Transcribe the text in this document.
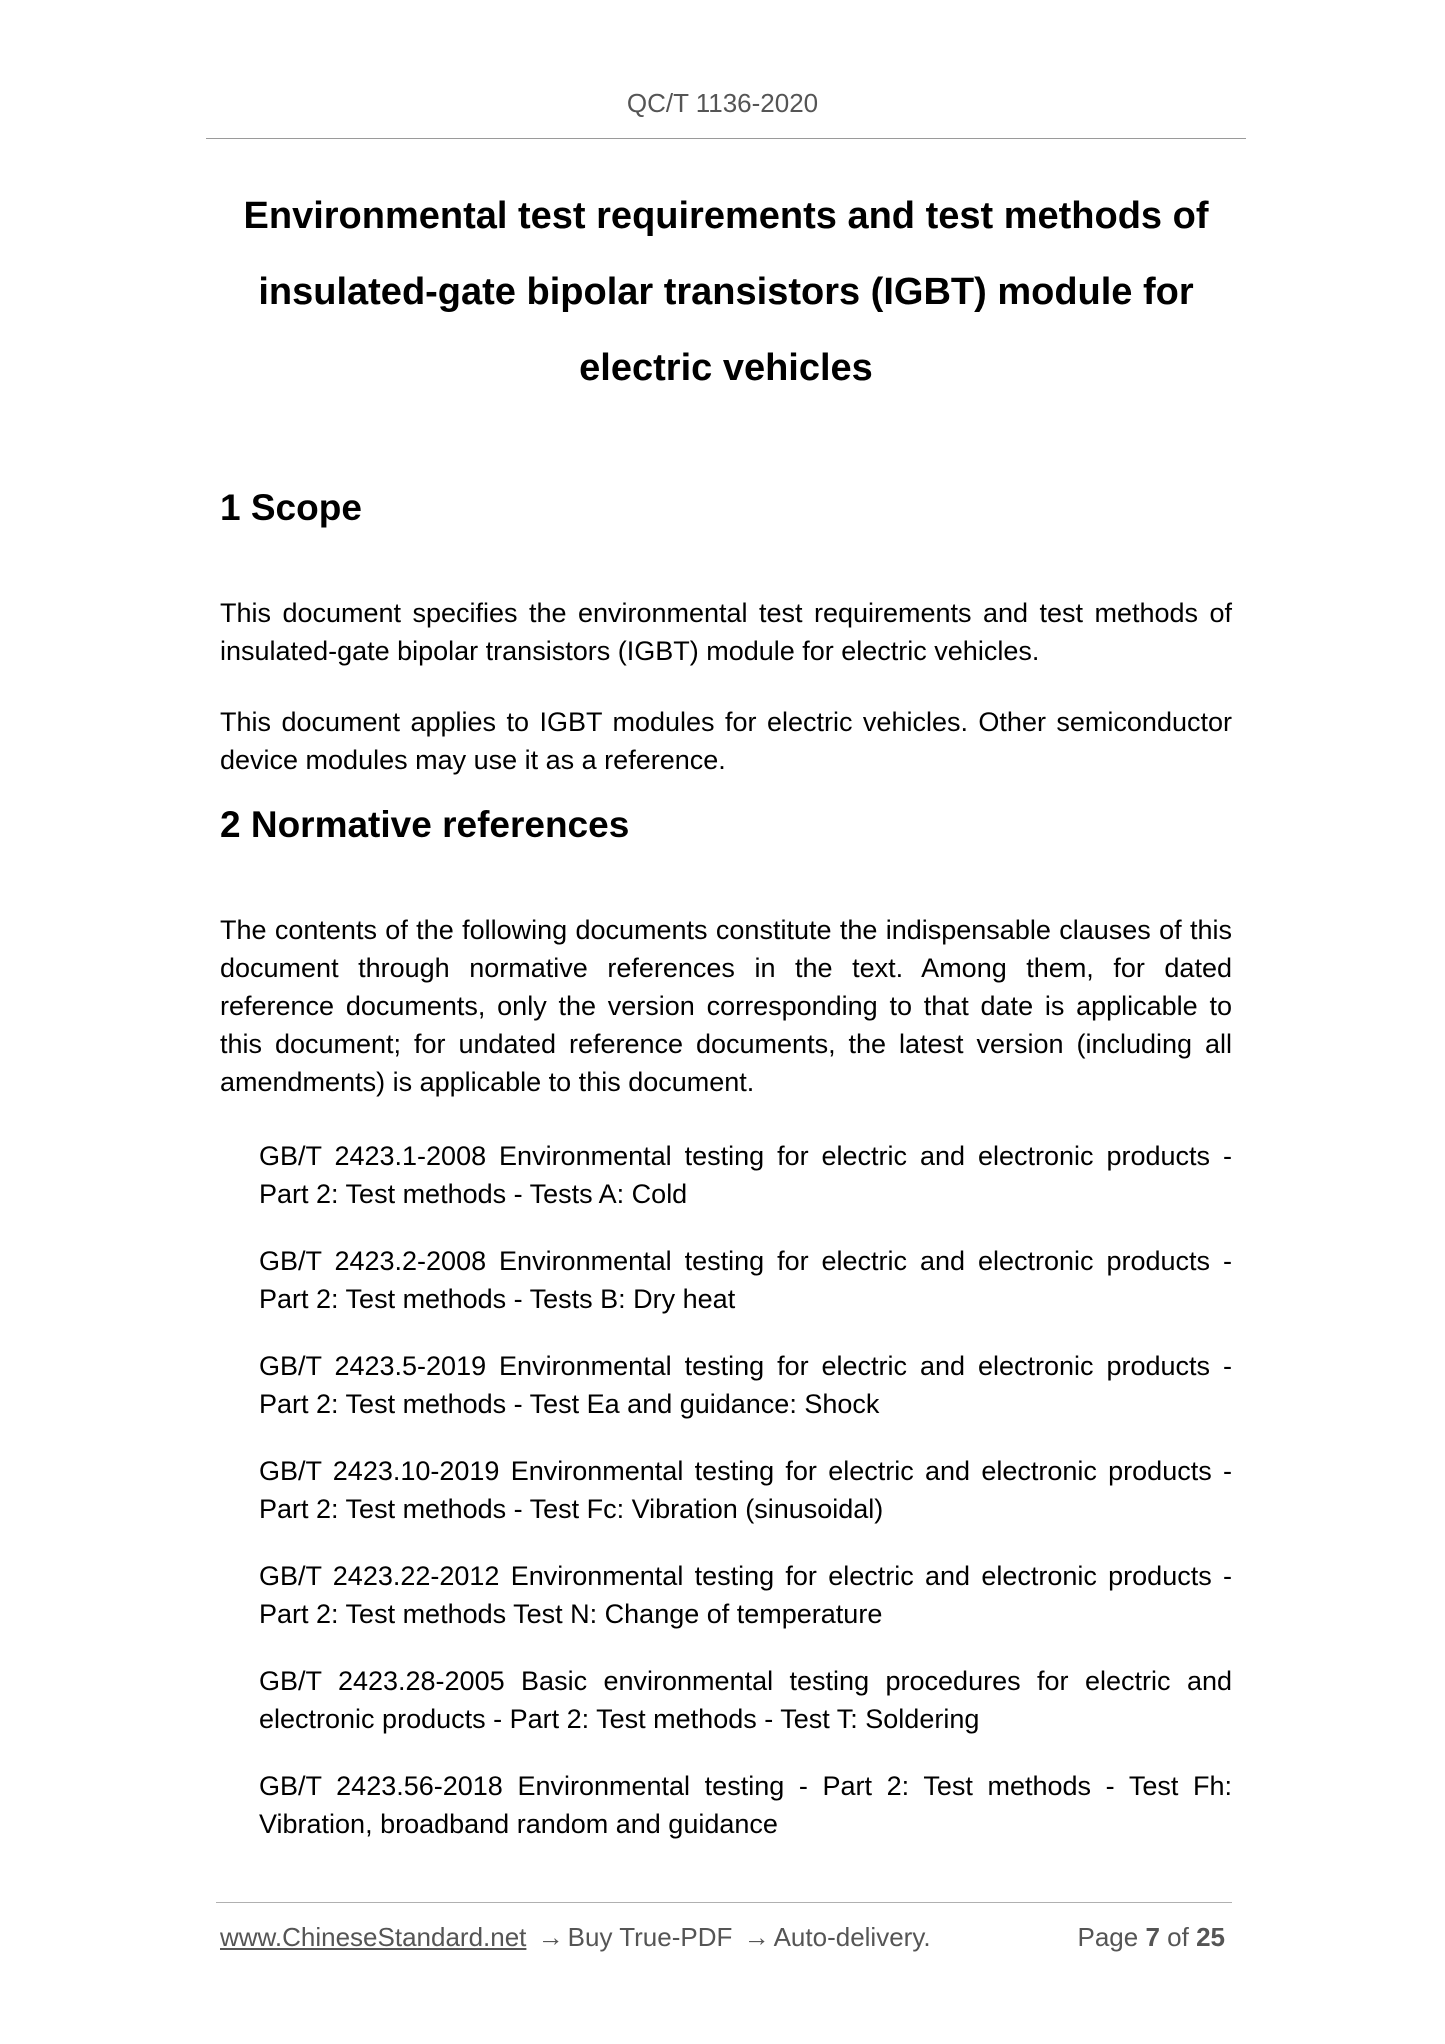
QC/T 1136-2020
Environmental test requirements and test methods of
insulated-gate bipolar transistors (IGBT) module for
electric vehicles
1 Scope

This document specifies the environmental test requirements and test methods of insulated-gate bipolar transistors (IGBT) module for electric vehicles.

This document applies to IGBT modules for electric vehicles. Other semiconductor device modules may use it as a reference.

2 Normative references

The contents of the following documents constitute the indispensable clauses of this document through normative references in the text. Among them, for dated reference documents, only the version corresponding to that date is applicable to this document; for undated reference documents, the latest version (including all amendments) is applicable to this document.

GB/T 2423.1-2008 Environmental testing for electric and electronic products - Part 2: Test methods - Tests A: Cold
GB/T 2423.2-2008 Environmental testing for electric and electronic products - Part 2: Test methods - Tests B: Dry heat
GB/T 2423.5-2019 Environmental testing for electric and electronic products - Part 2: Test methods - Test Ea and guidance: Shock
GB/T 2423.10-2019 Environmental testing for electric and electronic products - Part 2: Test methods - Test Fc: Vibration (sinusoidal)
GB/T 2423.22-2012 Environmental testing for electric and electronic products - Part 2: Test methods Test N: Change of temperature
GB/T 2423.28-2005 Basic environmental testing procedures for electric and electronic products - Part 2: Test methods - Test T: Soldering
GB/T 2423.56-2018 Environmental testing - Part 2: Test methods - Test Fh: Vibration, broadband random and guidance
www.ChineseStandard.net → Buy True-PDF → Auto-delivery.	Page 7 of 25
